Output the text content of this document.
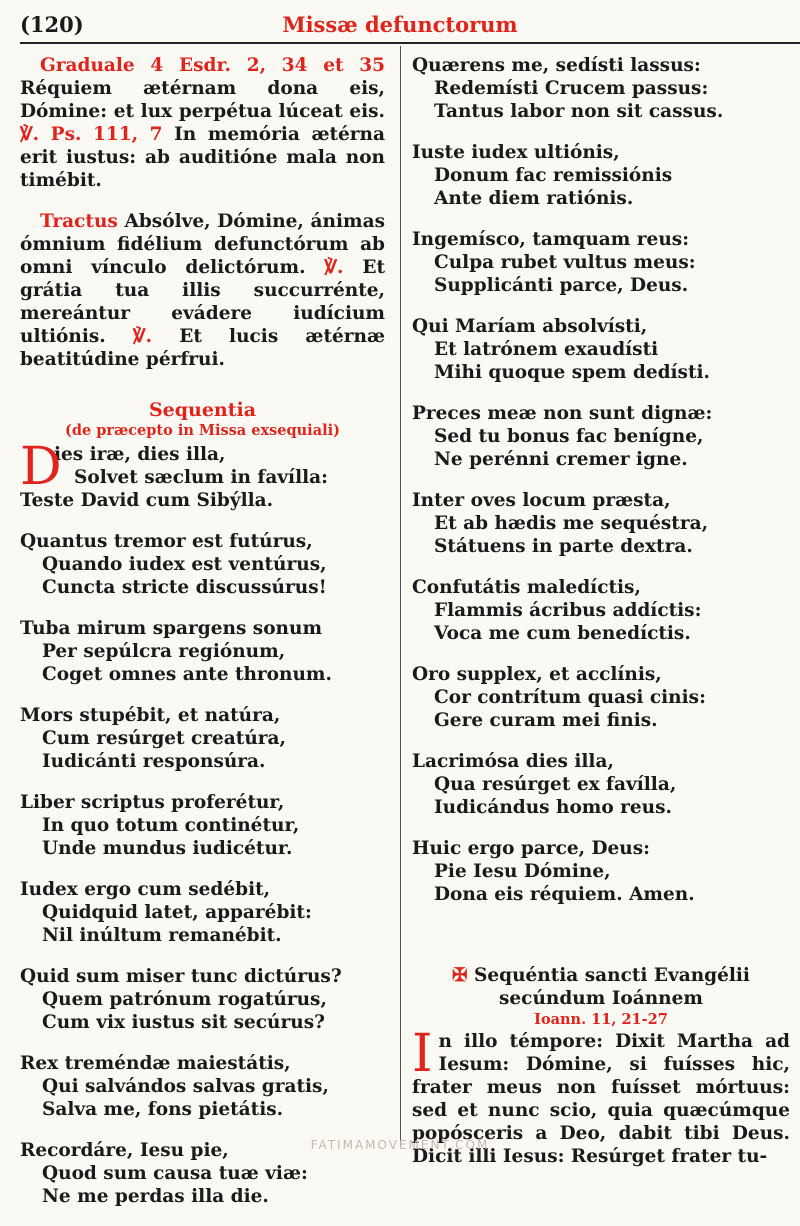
(120)	Missæ defunctorum

Graduale 4 Esdr. 2, 34 et 35 Réquiem ætérnam dona eis, Dómine: et lux perpétua lúceat eis. ℣. Ps. 111, 7 In memória ætérna erit iustus: ab auditióne mala non timébit.

Tractus Absólve, Dómine, ánimas ómnium fidélium defunctórum ab omni vínculo delictórum. ℣. Et grátia tua illis succurrénte, mereántur evádere iudícium ultiónis. ℣. Et lucis ætérnæ beatitúdine pérfrui.

Sequentia
(de præcepto in Missa exsequiali)
D
ies iræ, dies illa,
Solvet sæclum in favílla:
Teste David cum Sibýlla.
Quantus tremor est futúrus,
Quando iudex est ventúrus,
Cuncta stricte discussúrus!
Tuba mirum spargens sonum
Per sepúlcra regiónum,
Coget omnes ante thronum.
Mors stupébit, et natúra,
Cum resúrget creatúra,
Iudicánti responsúra.
Liber scriptus proferétur,
In quo totum continétur,
Unde mundus iudicétur.
Iudex ergo cum sedébit,
Quidquid latet, apparébit:
Nil inúltum remanébit.
Quid sum miser tunc dictúrus?
Quem patrónum rogatúrus,
Cum vix iustus sit secúrus?
Rex treméndæ maiestátis,
Qui salvándos salvas gratis,
Salva me, fons pietátis.
Recordáre, Iesu pie,
Quod sum causa tuæ viæ:
Ne me perdas illa die.
Quærens me, sedísti lassus:
Redemísti Crucem passus:
Tantus labor non sit cassus.
Iuste iudex ultiónis,
Donum fac remissiónis
Ante diem ratiónis.
Ingemísco, tamquam reus:
Culpa rubet vultus meus:
Supplicánti parce, Deus.
Qui Maríam absolvísti,
Et latrónem exaudísti
Mihi quoque spem dedísti.
Preces meæ non sunt dignæ:
Sed tu bonus fac benígne,
Ne perénni cremer igne.
Inter oves locum præsta,
Et ab hædis me sequéstra,
Státuens in parte dextra.
Confutátis maledíctis,
Flammis ácribus addíctis:
Voca me cum benedíctis.
Oro supplex, et acclínis,
Cor contrítum quasi cinis:
Gere curam mei finis.
Lacrimósa dies illa,
Qua resúrget ex favílla,
Iudicándus homo reus.
Huic ergo parce, Deus:
Pie Iesu Dómine,
Dona eis réquiem. Amen.
✠ Sequéntia sancti Evangélii
secúndum Ioánnem
Ioann. 11, 21-27
In illo témpore: Dixit Martha ad Iesum: Dómine, si fuísses hic, frater meus non fuísset mórtuus: sed et nunc scio, quia quæcúmque popósceris a Deo, dabit tibi Deus. Dicit illi Iesus: Resúrget frater tu-
FATIMAMOVEMENT.COM
